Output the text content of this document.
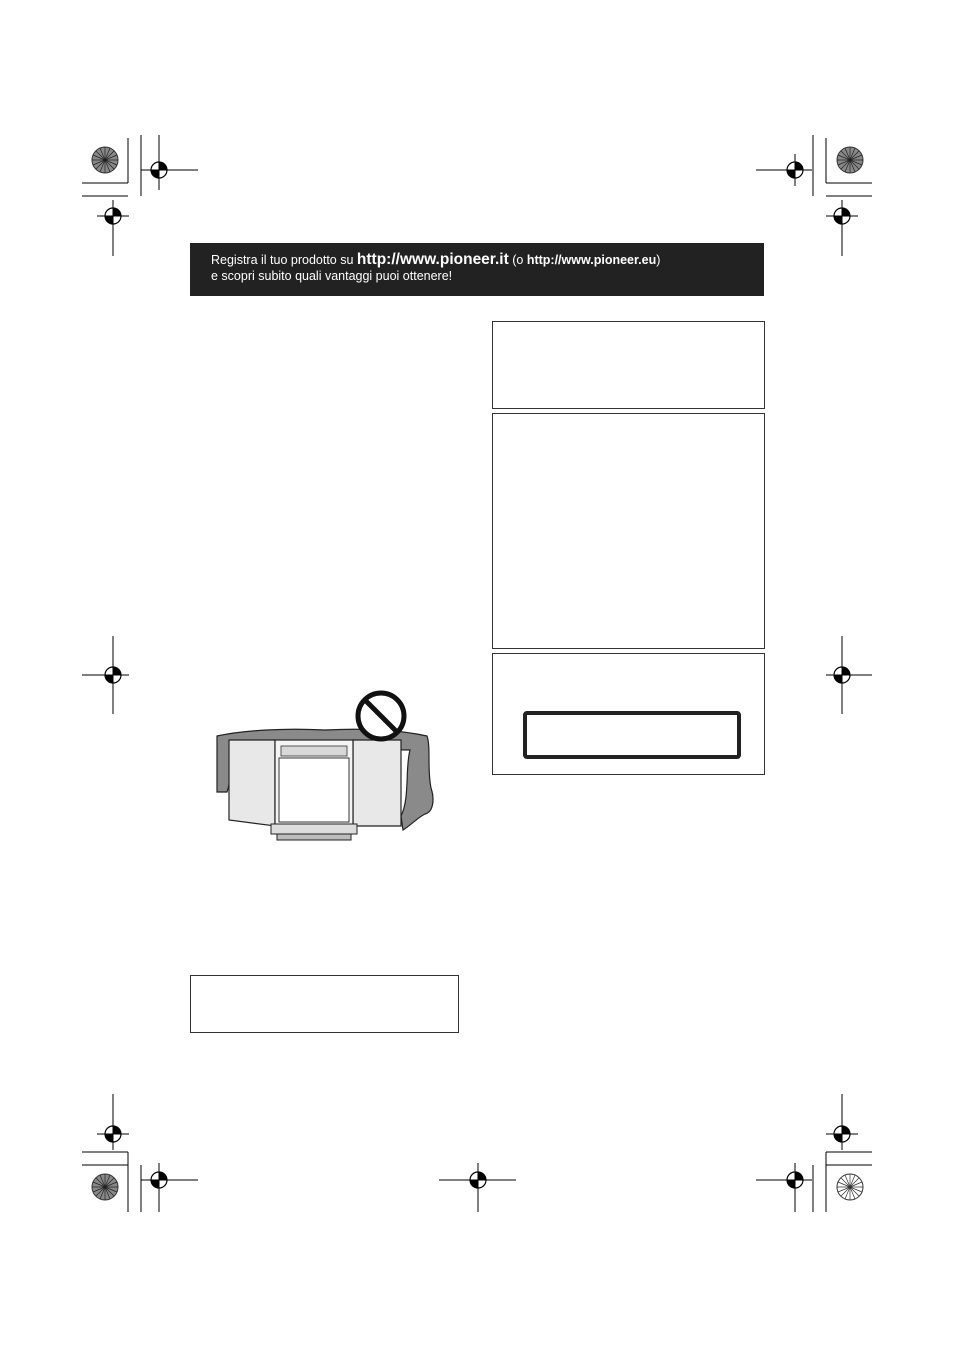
Registra il tuo prodotto su http://www.pioneer.it (o http://www.pioneer.eu)
e scopri subito quali vantaggi puoi ottenere!
